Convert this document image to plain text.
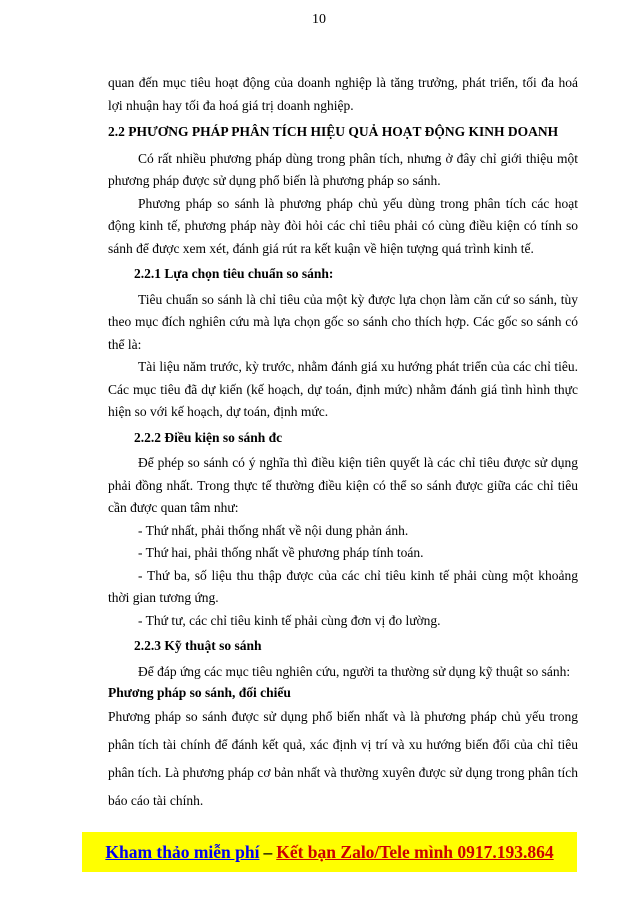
10

quan đến mục tiêu hoạt động của doanh nghiệp là tăng trưởng, phát triển, tối đa hoá lợi nhuận hay tối đa hoá giá trị doanh nghiệp.

2.2 PHƯƠNG PHÁP PHÂN TÍCH HIỆU QUẢ HOẠT ĐỘNG KINH DOANH

Có rất nhiều phương pháp dùng trong phân tích, nhưng ở đây chỉ giới thiệu một phương pháp được sử dụng phổ biến là phương pháp so sánh.

Phương pháp so sánh là phương pháp chủ yếu dùng trong phân tích các hoạt động kinh tế, phương pháp này đòi hỏi các chỉ tiêu phải có cùng điều kiện có tính so sánh để được xem xét, đánh giá rút ra kết kuận về hiện tượng quá trình kinh tế.

2.2.1 Lựa chọn tiêu chuẩn so sánh:

Tiêu chuẩn so sánh là chỉ tiêu của một kỳ được lựa chọn làm căn cứ so sánh, tùy theo mục đích nghiên cứu mà lựa chọn gốc so sánh cho thích hợp. Các gốc so sánh có thể là:

Tài liệu năm trước, kỳ trước, nhằm đánh giá xu hướng phát triển của các chỉ tiêu. Các mục tiêu đã dự kiến (kế hoạch, dự toán, định mức) nhằm đánh giá tình hình thực hiện so với kế hoạch, dự toán, định mức.

2.2.2 Điều kiện so sánh đc

Để phép so sánh có ý nghĩa thì điều kiện tiên quyết là các chỉ tiêu được sử dụng phải đồng nhất. Trong thực tế thường điều kiện có thể so sánh được giữa các chỉ tiêu cần được quan tâm như:

- Thứ nhất, phải thống nhất về nội dung phản ánh.

- Thứ hai, phải thống nhất về phương pháp tính toán.

- Thứ ba, số liệu thu thập được của các chỉ tiêu kinh tế phải cùng một khoảng thời gian tương ứng.

- Thứ tư, các chỉ tiêu kinh tế phải cùng đơn vị đo lường.

2.2.3 Kỹ thuật so sánh

Để đáp ứng các mục tiêu nghiên cứu, người ta thường sử dụng kỹ thuật so sánh:

Phương pháp so sánh, đối chiếu

Phương pháp so sánh được sử dụng phổ biến nhất và là phương pháp chủ yếu trong phân tích tài chính để đánh kết quả, xác định vị trí và xu hướng biến đổi của chỉ tiêu phân tích. Là phương pháp cơ bản nhất và thường xuyên được sử dụng trong phân tích báo cáo tài chính.

Kham thảo miễn phí – Kết bạn Zalo/Tele mình 0917.193.864
